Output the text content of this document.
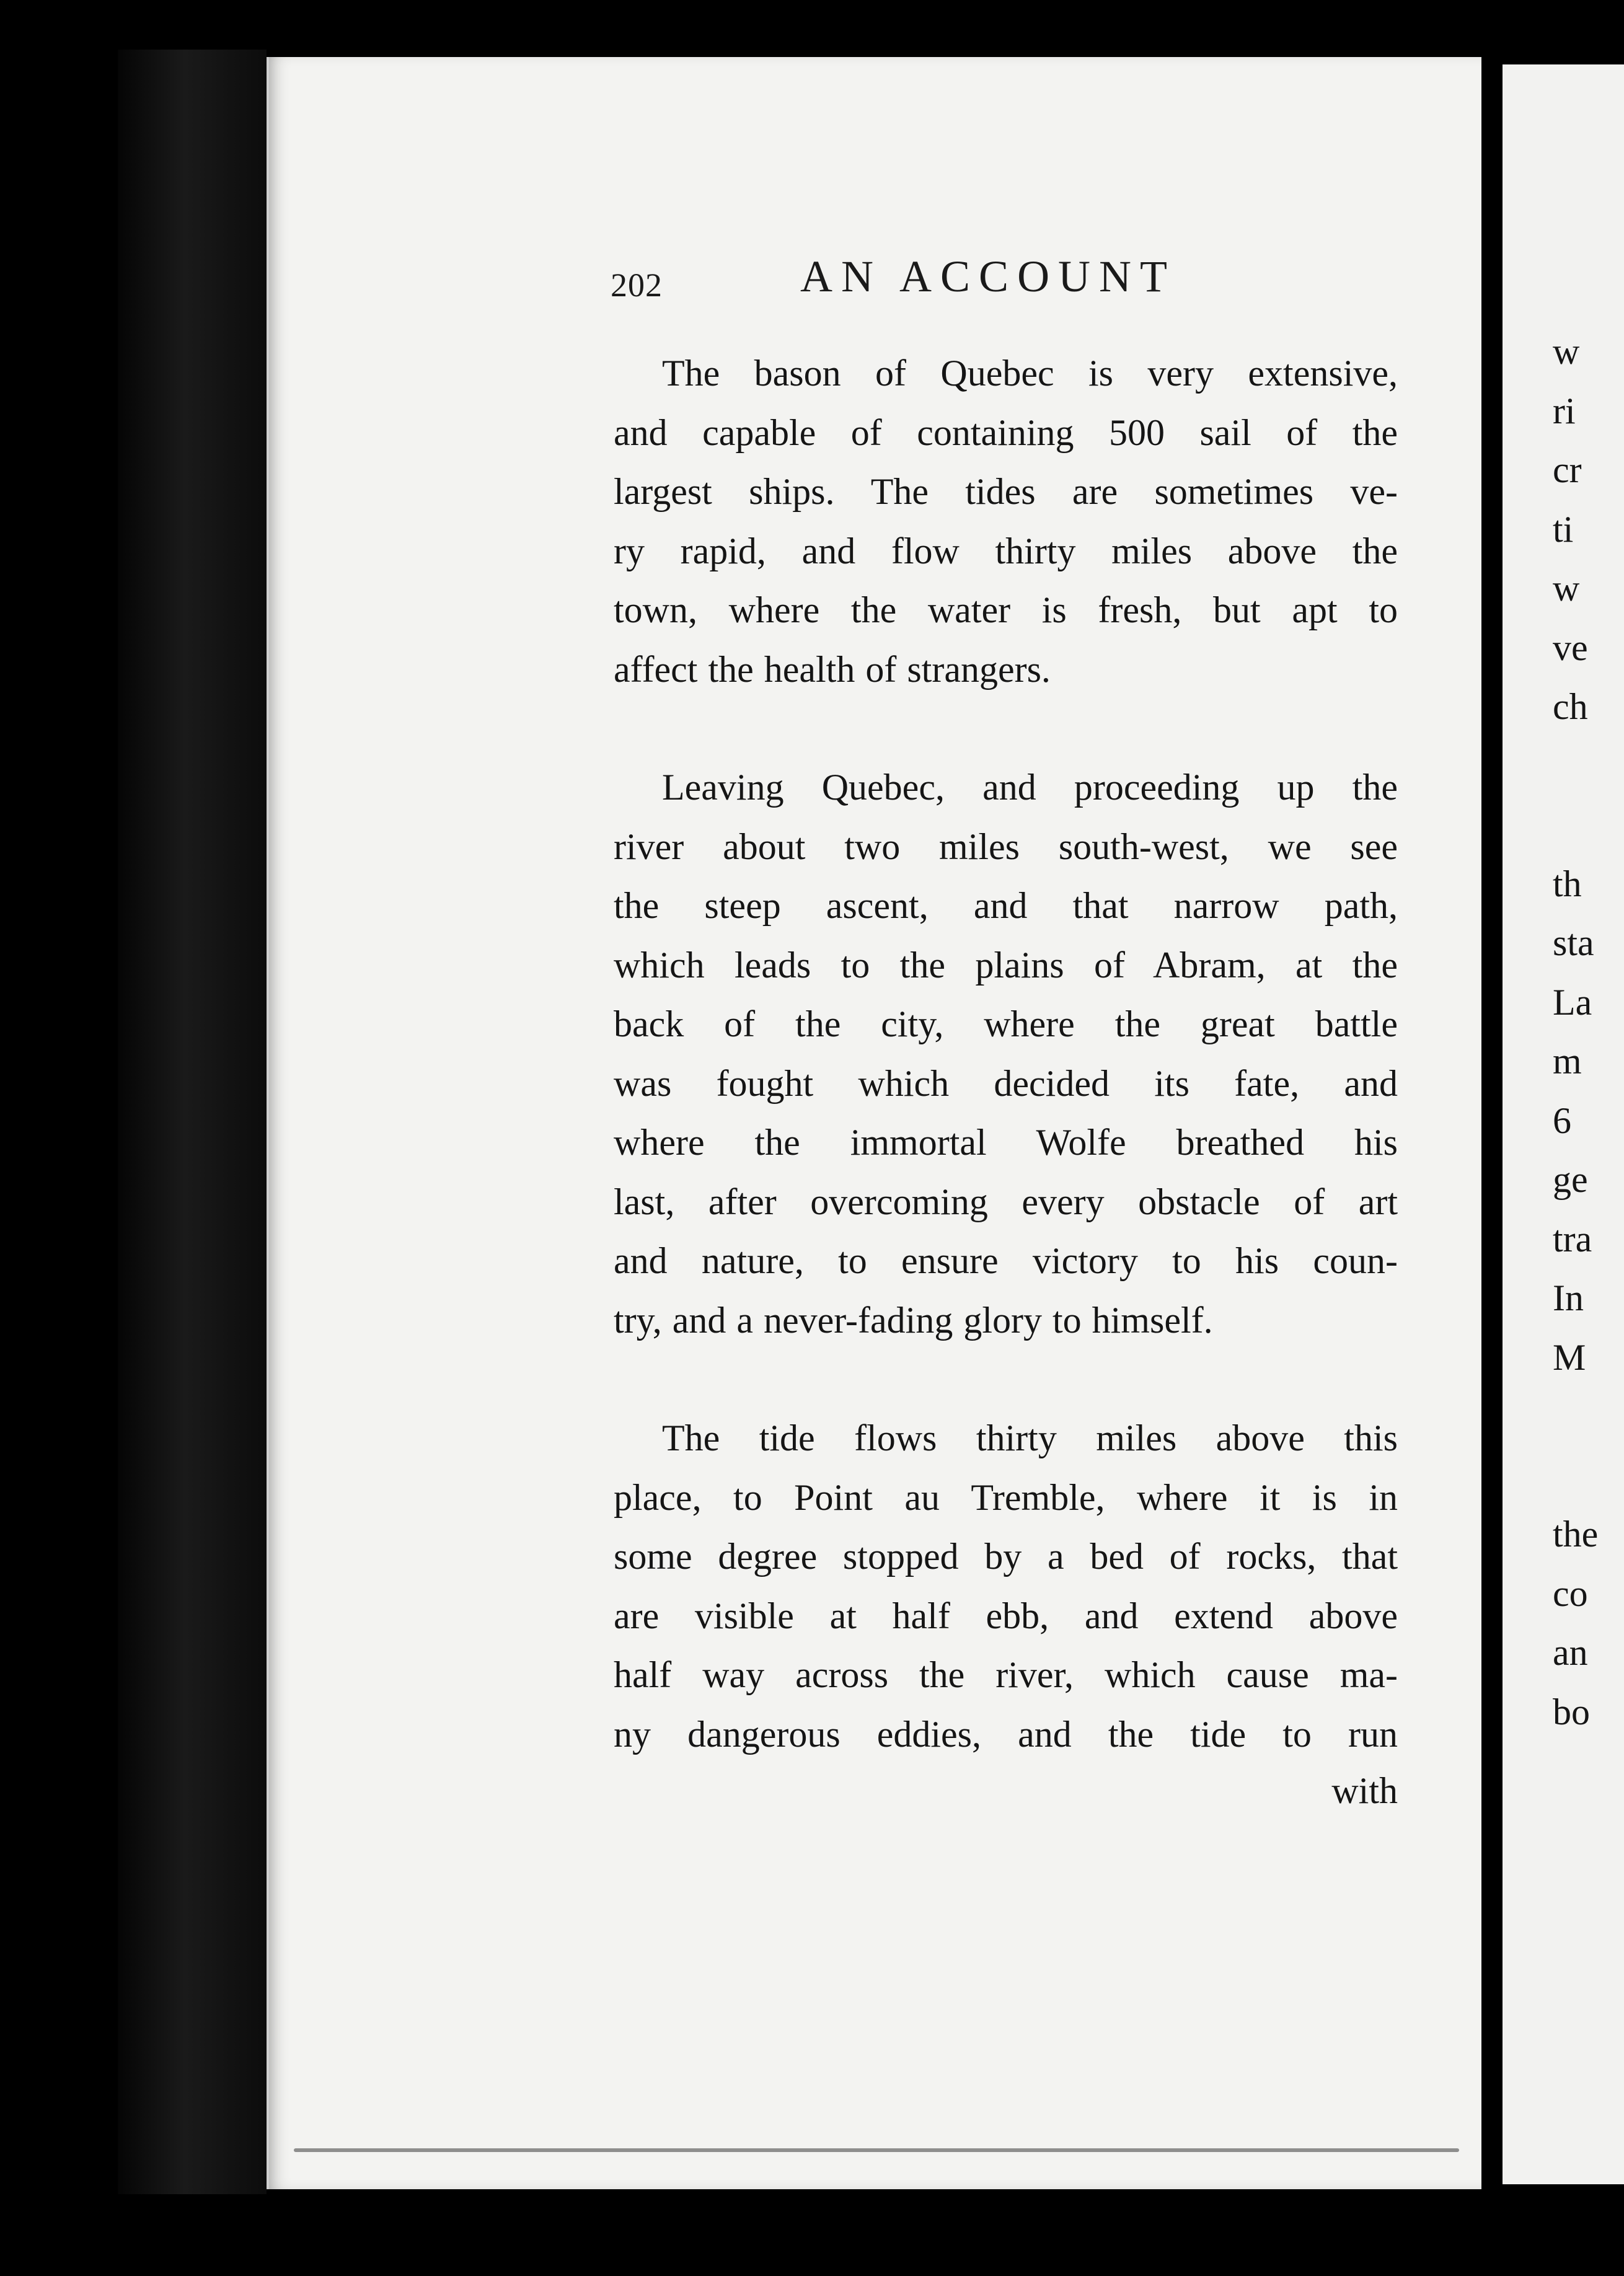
202	AN ACCOUNT

The bason of Quebec is very extensive,
and capable of containing 500 sail of the
largest ships. The tides are sometimes ve-
ry rapid, and flow thirty miles above the
town, where the water is fresh, but apt to
affect the health of strangers.

Leaving Quebec, and proceeding up the
river about two miles south-west, we see
the steep ascent, and that narrow path,
which leads to the plains of Abram, at the
back of the city, where the great battle
was fought which decided its fate, and
where the immortal Wolfe breathed his
last, after overcoming every obstacle of art
and nature, to ensure victory to his coun-
try, and a never-fading glory to himself.

The tide flows thirty miles above this
place, to Point au Tremble, where it is in
some degree stopped by a bed of rocks, that
are visible at half ebb, and extend above
half way across the river, which cause ma-
ny dangerous eddies, and the tide to run

with
w
ri
cr
ti
w
ve
ch
th
sta
La
m
6
ge
tra
In
M
the
co
an
bo
